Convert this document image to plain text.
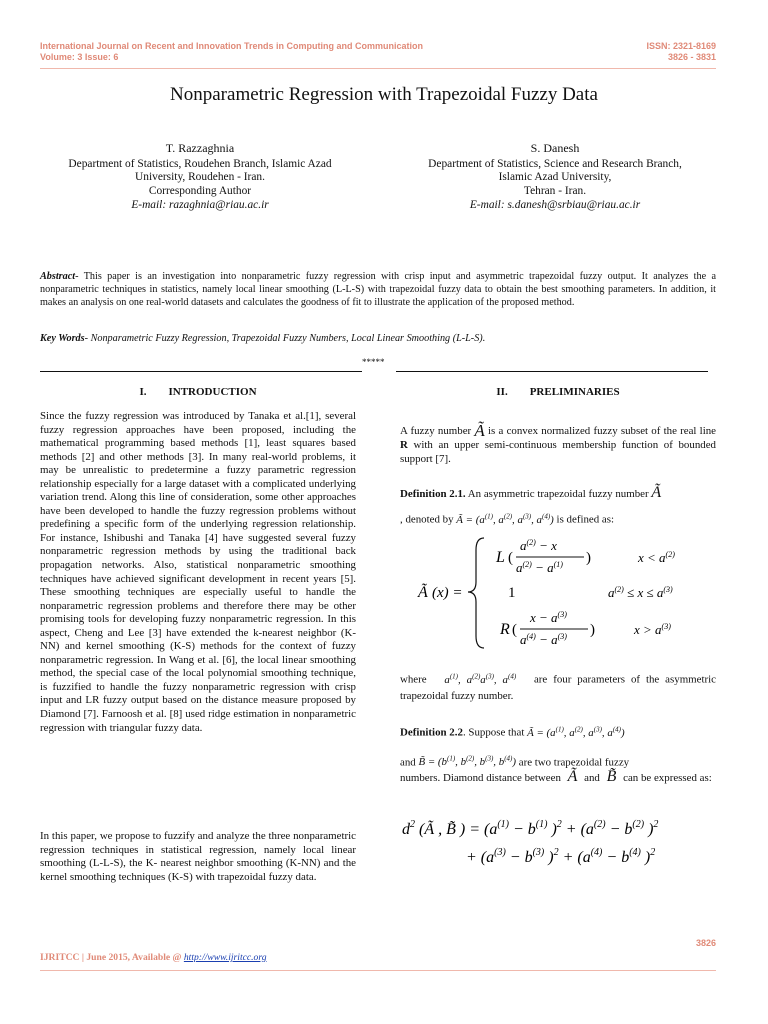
International Journal on Recent and Innovation Trends in Computing and Communication
Volume: 3 Issue: 6
ISSN: 2321-8169
3826 - 3831
Nonparametric Regression with Trapezoidal Fuzzy Data
T. Razzaghnia
Department of Statistics, Roudehen Branch, Islamic Azad
University, Roudehen - Iran.
Corresponding Author
E-mail: razaghnia@riau.ac.ir
S. Danesh
Department of Statistics, Science and Research Branch,
Islamic Azad University,
Tehran - Iran.
E-mail: s.danesh@srbiau@riau.ac.ir
Abstract- This paper is an investigation into nonparametric fuzzy regression with crisp input and asymmetric trapezoidal fuzzy output. It analyzes the a nonparametric techniques in statistics, namely local linear smoothing (L-L-S) with trapezoidal fuzzy data to obtain the best smoothing parameters. In addition, it makes an analysis on one real-world datasets and calculates the goodness of fit to illustrate the application of the proposed method.
Key Words- Nonparametric Fuzzy Regression, Trapezoidal Fuzzy Numbers, Local Linear Smoothing (L-L-S).
*****
I.        INTRODUCTION	II.        PRELIMINARIES
Since the fuzzy regression was introduced by Tanaka et al.[1], several fuzzy regression approaches have been proposed, including the mathematical programming based methods [1], least squares based methods [2] and other methods [3]. In many real-world problems, it may be unrealistic to predetermine a fuzzy parametric regression relationship especially for a large dataset with a complicated underlying variation trend. Along this line of consideration, some other approaches have been developed to handle the fuzzy regression problems without predefining a specific form of the underlying regression relationship. For instance, Ishibushi and Tanaka [4] have suggested several fuzzy nonparametric regression methods by using the traditional back propagation networks. Also, statistical nonparametric smoothing techniques have achieved significant development in recent years [5]. These smoothing techniques are especially useful to handle the nonparametric regression problems and therefore there may be other promising tools for developing fuzzy nonparametric regression. In this aspect, Cheng and Lee [3] have extended the k-nearest neighbor (K-NN) and kernel smoothing (K-S) methods for the context of fuzzy nonparametric regression. In Wang et al. [6], the local linear smoothing method, the special case of the local polynomial smoothing technique, is fuzzified to handle the fuzzy nonparametric regression with crisp input and LR fuzzy output based on the distance measure proposed by Diamond [7]. Farnoosh et al. [8] used ridge estimation in nonparametric regression with triangular fuzzy data.
In this paper, we propose to fuzzify and analyze the three nonparametric regression techniques in statistical regression, namely local linear smoothing (L-L-S), the K- nearest neighbor smoothing (K-NN) and the kernel smoothing techniques (K-S) with trapezoidal fuzzy data.
A fuzzy number Ã is a convex normalized fuzzy subset of the real line R with an upper semi-continuous membership function of bounded support [7].
Definition 2.1. An asymmetric trapezoidal fuzzy number Ã
, denoted by Ã = ($a^{(1)}$, $a^{(2)}$, $a^{(3)}$, $a^{(4)}$) is defined as:
Ã (x) =
L (
$a^{(2)} - x$
$a^{(2)} - a^{(1)}$ )	$x < a^{(2)}$
1	$a^{(2)} \le x \le a^{(3)}$
R (
$x - a^{(3)}$
$a^{(4)} - a^{(3)}$ )	$x > a^{(3)}$
where   $a^{(1)}$, $a^{(2)}a^{(3)}$, $a^{(4)}$ are four parameters of the asymmetric trapezoidal fuzzy number.
Definition 2.2. Suppose that Ã = ($a^{(1)}$, $a^{(2)}$, $a^{(3)}$, $a^{(4)}$)
and B̃ = ($b^{(1)}$, $b^{(2)}$, $b^{(3)}$, $b^{(4)}$) are two trapezoidal fuzzy
numbers. Diamond distance between  Ã  and  B̃  can be expressed as:
$d^2$ (Ã , B̃ ) = ($a^{(1)} - b^{(1)}$ )$^2 + (a^{(2)} - b^{(2)}$ )$^2$
+ ($a^{(3)} - b^{(3)}$ )$^2 + (a^{(4)} - b^{(4)}$ )$^2$
3826
IJRITCC | June 2015, Available @ http://www.ijritcc.org
